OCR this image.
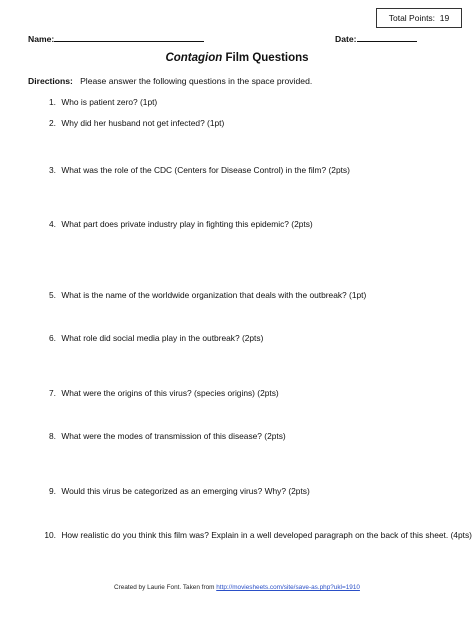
Total Points: 19
Name:	Date:
Contagion Film Questions
Directions: Please answer the following questions in the space provided.
1. Who is patient zero? (1pt)
2. Why did her husband not get infected? (1pt)
3. What was the role of the CDC (Centers for Disease Control) in the film? (2pts)
4. What part does private industry play in fighting this epidemic? (2pts)
5. What is the name of the worldwide organization that deals with the outbreak? (1pt)
6. What role did social media play in the outbreak? (2pts)
7. What were the origins of this virus? (species origins) (2pts)
8. What were the modes of transmission of this disease? (2pts)
9. Would this virus be categorized as an emerging virus? Why? (2pts)
10. How realistic do you think this film was? Explain in a well developed paragraph on the back of this sheet. (4pts)
Created by Laurie Font. Taken from http://moviesheets.com/site/save-as.php?ukl=1910
